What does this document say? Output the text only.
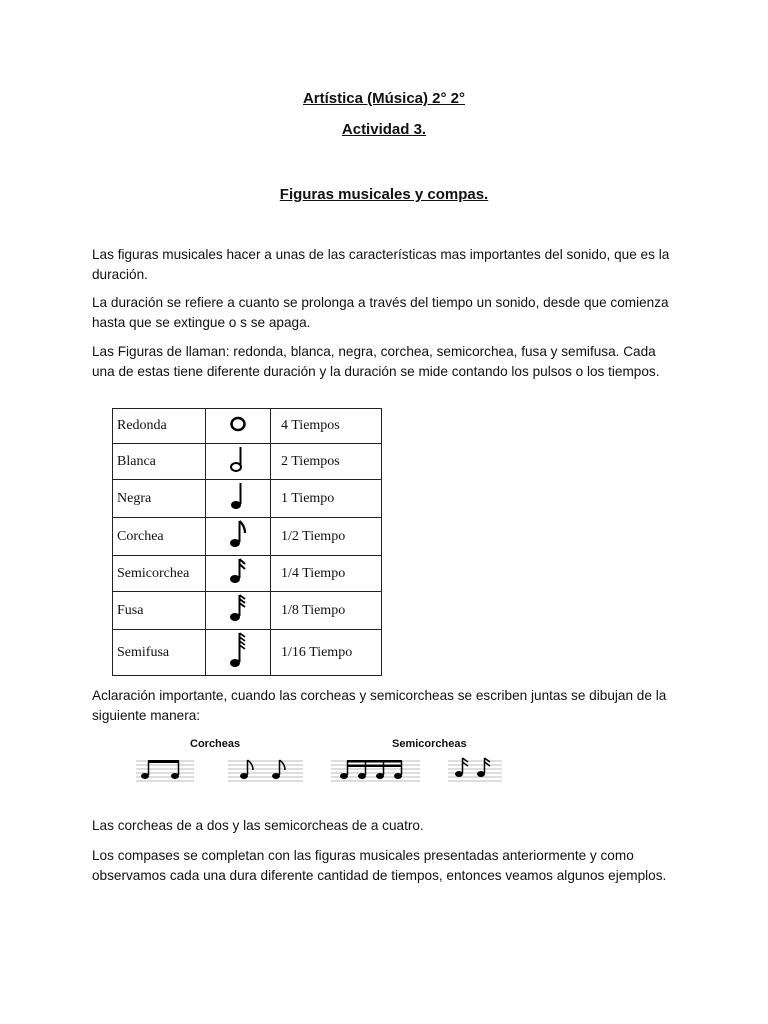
Artística (Música) 2° 2°
Actividad 3.
Figuras musicales y compas.
Las figuras musicales hacer a unas de las características mas importantes del sonido, que es la duración.
La duración se refiere a cuanto se prolonga a través del tiempo un sonido, desde que comienza hasta que se extingue o s se apaga.
Las Figuras de llaman: redonda, blanca, negra, corchea, semicorchea, fusa y semifusa. Cada una de estas tiene diferente duración y la duración se mide contando los pulsos o los tiempos.
Redonda		4 Tiempos
Blanca		2 Tiempos
Negra		1 Tiempo
Corchea		1/2 Tiempo
Semicorchea		1/4 Tiempo
Fusa		1/8 Tiempo
Semifusa		1/16 Tiempo
Aclaración importante, cuando las corcheas y semicorcheas se escriben juntas se dibujan de la siguiente manera:
Corcheas	Semicorcheas
Las corcheas de a dos y las semicorcheas de a cuatro.
Los compases se completan con las figuras musicales presentadas anteriormente y como observamos cada una dura diferente cantidad de tiempos, entonces veamos algunos ejemplos.
